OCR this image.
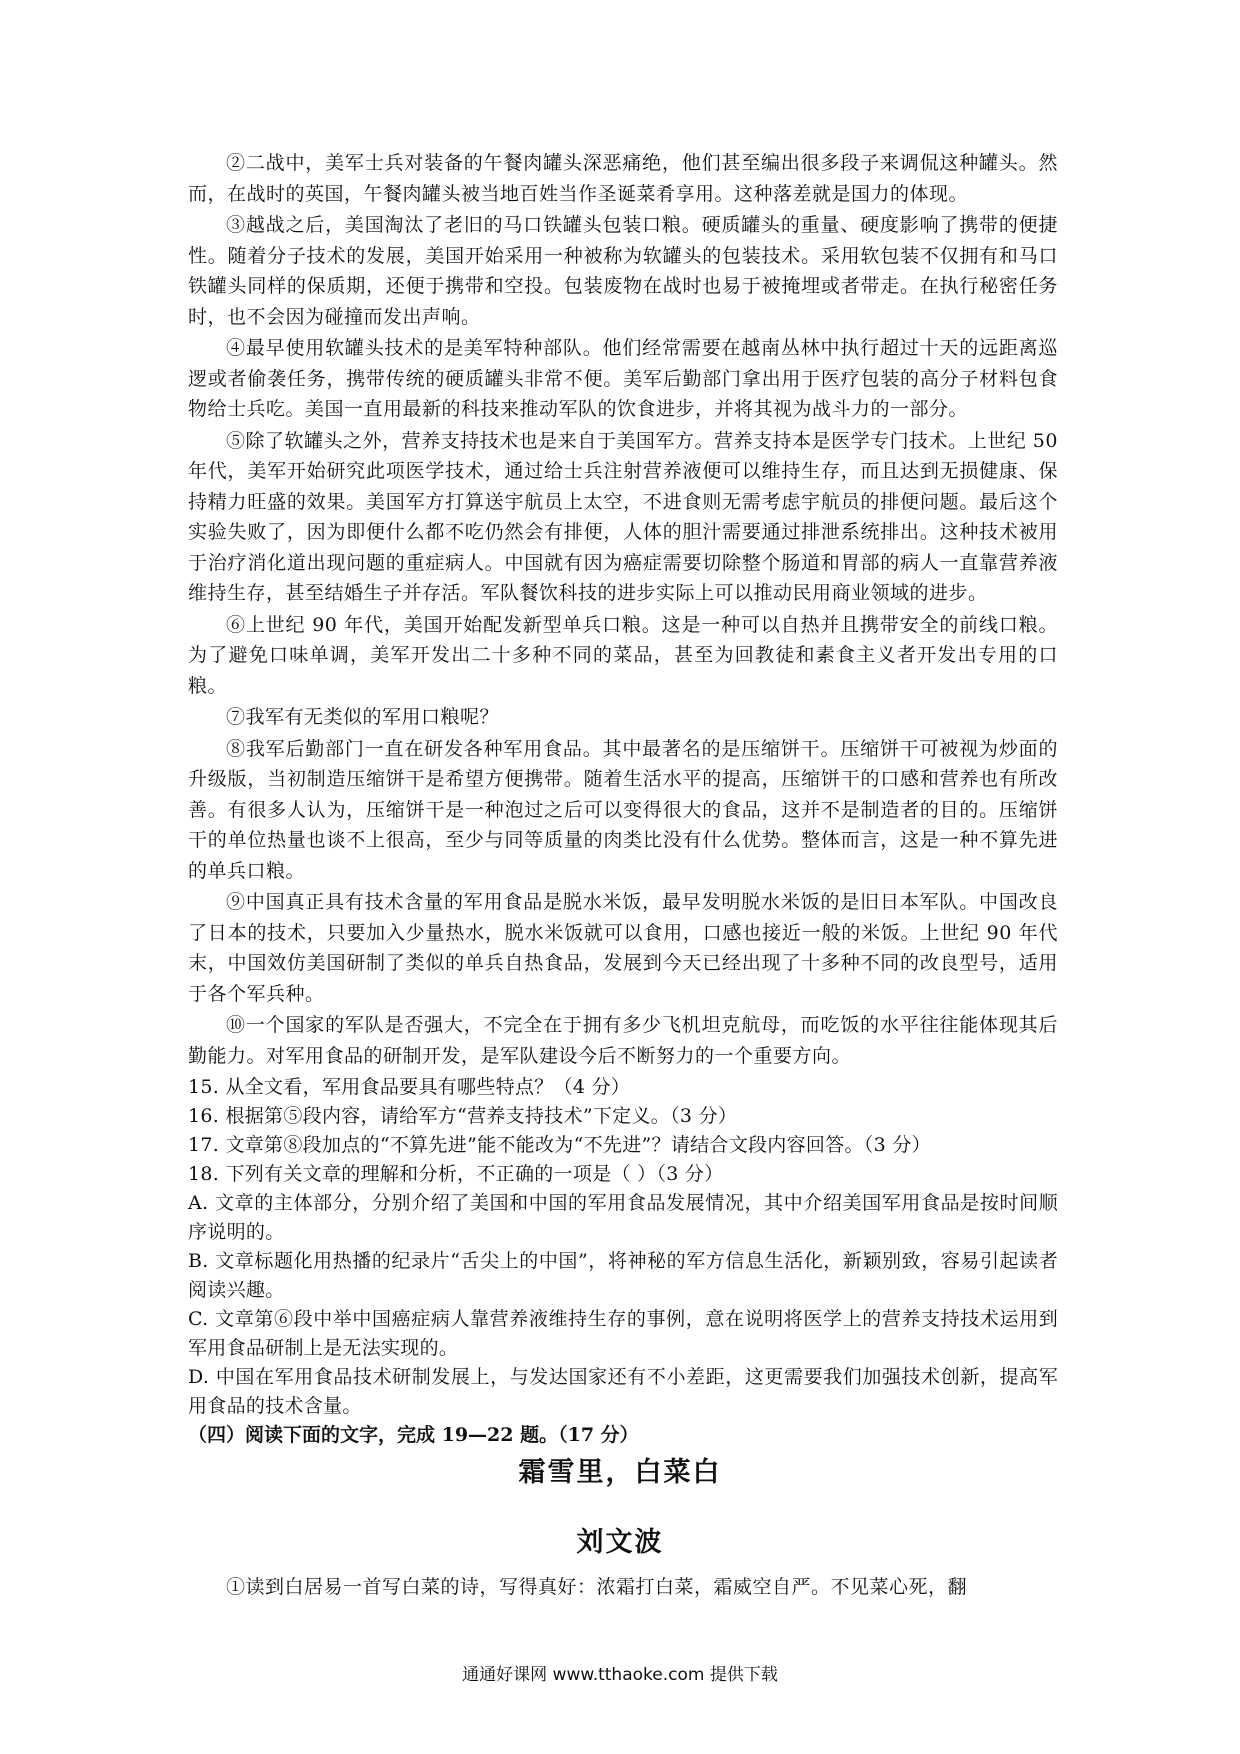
②二战中，美军士兵对装备的午餐肉罐头深恶痛绝，他们甚至编出很多段子来调侃这种罐头。然而，在战时的英国，午餐肉罐头被当地百姓当作圣诞菜肴享用。这种落差就是国力的体现。

③越战之后，美国淘汰了老旧的马口铁罐头包装口粮。硬质罐头的重量、硬度影响了携带的便捷性。随着分子技术的发展，美国开始采用一种被称为软罐头的包装技术。采用软包装不仅拥有和马口铁罐头同样的保质期，还便于携带和空投。包装废物在战时也易于被掩埋或者带走。在执行秘密任务时，也不会因为碰撞而发出声响。

④最早使用软罐头技术的是美军特种部队。他们经常需要在越南丛林中执行超过十天的远距离巡逻或者偷袭任务，携带传统的硬质罐头非常不便。美军后勤部门拿出用于医疗包装的高分子材料包食物给士兵吃。美国一直用最新的科技来推动军队的饮食进步，并将其视为战斗力的一部分。

⑤除了软罐头之外，营养支持技术也是来自于美国军方。营养支持本是医学专门技术。上世纪 50 年代，美军开始研究此项医学技术，通过给士兵注射营养液便可以维持生存，而且达到无损健康、保持精力旺盛的效果。美国军方打算送宇航员上太空，不进食则无需考虑宇航员的排便问题。最后这个实验失败了，因为即便什么都不吃仍然会有排便，人体的胆汁需要通过排泄系统排出。这种技术被用于治疗消化道出现问题的重症病人。中国就有因为癌症需要切除整个肠道和胃部的病人一直靠营养液维持生存，甚至结婚生子并存活。军队餐饮科技的进步实际上可以推动民用商业领域的进步。

⑥上世纪 90 年代，美国开始配发新型单兵口粮。这是一种可以自热并且携带安全的前线口粮。为了避免口味单调，美军开发出二十多种不同的菜品，甚至为回教徒和素食主义者开发出专用的口粮。

⑦我军有无类似的军用口粮呢？

⑧我军后勤部门一直在研发各种军用食品。其中最著名的是压缩饼干。压缩饼干可被视为炒面的升级版，当初制造压缩饼干是希望方便携带。随着生活水平的提高，压缩饼干的口感和营养也有所改善。有很多人认为，压缩饼干是一种泡过之后可以变得很大的食品，这并不是制造者的目的。压缩饼干的单位热量也谈不上很高，至少与同等质量的肉类比没有什么优势。整体而言，这是一种不算先进的单兵口粮。

⑨中国真正具有技术含量的军用食品是脱水米饭，最早发明脱水米饭的是旧日本军队。中国改良了日本的技术，只要加入少量热水，脱水米饭就可以食用，口感也接近一般的米饭。上世纪 90 年代末，中国效仿美国研制了类似的单兵自热食品，发展到今天已经出现了十多种不同的改良型号，适用于各个军兵种。

⑩一个国家的军队是否强大，不完全在于拥有多少飞机坦克航母，而吃饭的水平往往能体现其后勤能力。对军用食品的研制开发，是军队建设今后不断努力的一个重要方向。

15. 从全文看，军用食品要具有哪些特点？（4 分）

16. 根据第⑤段内容，请给军方“营养支持技术”下定义。（3 分）

17. 文章第⑧段加点的“不算先进”能不能改为“不先进”？请结合文段内容回答。（3 分）

18. 下列有关文章的理解和分析，不正确的一项是（ ）（3 分）

A. 文章的主体部分，分别介绍了美国和中国的军用食品发展情况，其中介绍美国军用食品是按时间顺序说明的。

B. 文章标题化用热播的纪录片“舌尖上的中国”，将神秘的军方信息生活化，新颖别致，容易引起读者阅读兴趣。

C. 文章第⑥段中举中国癌症病人靠营养液维持生存的事例，意在说明将医学上的营养支持技术运用到军用食品研制上是无法实现的。

D. 中国在军用食品技术研制发展上，与发达国家还有不小差距，这更需要我们加强技术创新，提高军用食品的技术含量。

（四）阅读下面的文字，完成 19—22 题。（17 分）

霜雪里，白菜白
刘文波
①读到白居易一首写白菜的诗，写得真好：浓霜打白菜，霜威空自严。不见菜心死，翻
通通好课网 www.tthaoke.com 提供下载
